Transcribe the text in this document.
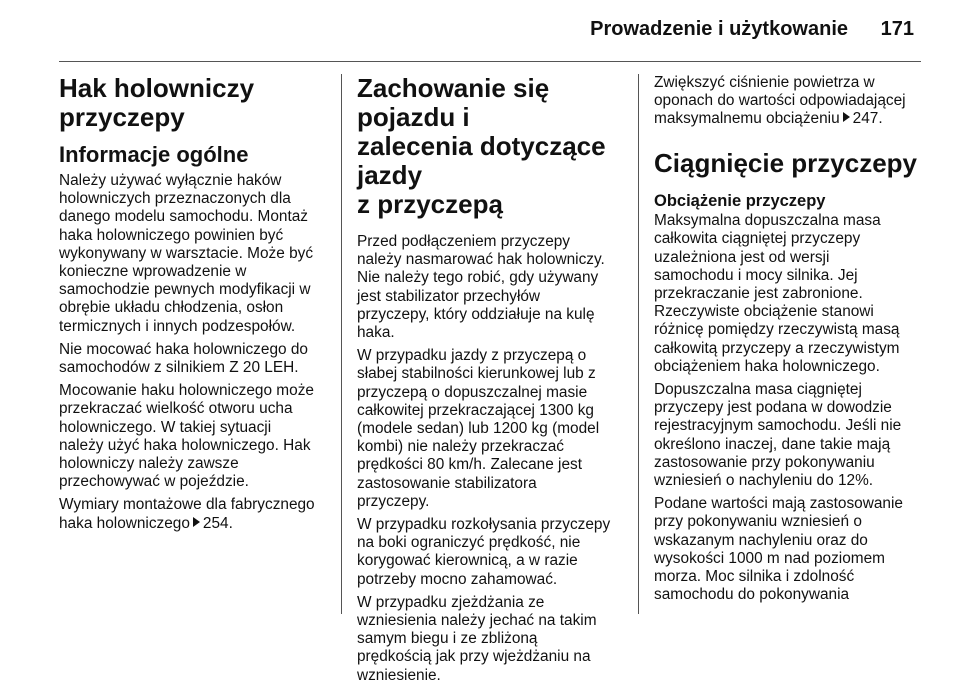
Prowadzenie i użytkowanie 171
Hak holowniczy
przyczepy
Informacje ogólne

Należy używać wyłącznie haków
holowniczych przeznaczonych dla
danego modelu samochodu. Montaż
haka holowniczego powinien być
wykonywany w warsztacie. Może być
konieczne wprowadzenie w
samochodzie pewnych modyfikacji w
obrębie układu chłodzenia, osłon
termicznych i innych podzespołów.

Nie mocować haka holowniczego do
samochodów z silnikiem Z 20 LEH.

Mocowanie haku holowniczego może
przekraczać wielkość otworu ucha
holowniczego. W takiej sytuacji
należy użyć haka holowniczego. Hak
holowniczy należy zawsze
przechowywać w pojeździe.

Wymiary montażowe dla fabrycznego
haka holowniczego 254.

Zachowanie się pojazdu i
zalecenia dotyczące jazdy
z przyczepą

Przed podłączeniem przyczepy
należy nasmarować hak holowniczy.
Nie należy tego robić, gdy używany
jest stabilizator przechyłów
przyczepy, który oddziałuje na kulę
haka.

W przypadku jazdy z przyczepą o
słabej stabilności kierunkowej lub z
przyczepą o dopuszczalnej masie
całkowitej przekraczającej 1300 kg
(modele sedan) lub 1200 kg (model
kombi) nie należy przekraczać
prędkości 80 km/h. Zalecane jest
zastosowanie stabilizatora
przyczepy.

W przypadku rozkołysania przyczepy
na boki ograniczyć prędkość, nie
korygować kierownicą, a w razie
potrzeby mocno zahamować.

W przypadku zjeżdżania ze
wzniesienia należy jechać na takim
samym biegu i ze zbliżoną
prędkością jak przy wjeżdżaniu na
wzniesienie.

Zwiększyć ciśnienie powietrza w
oponach do wartości odpowiadającej
maksymalnemu obciążeniu 247.

Ciągnięcie przyczepy
Obciążenie przyczepy

Maksymalna dopuszczalna masa
całkowita ciągniętej przyczepy
uzależniona jest od wersji
samochodu i mocy silnika. Jej
przekraczanie jest zabronione.
Rzeczywiste obciążenie stanowi
różnicę pomiędzy rzeczywistą masą
całkowitą przyczepy a rzeczywistym
obciążeniem haka holowniczego.

Dopuszczalna masa ciągniętej
przyczepy jest podana w dowodzie
rejestracyjnym samochodu. Jeśli nie
określono inaczej, dane takie mają
zastosowanie przy pokonywaniu
wzniesień o nachyleniu do 12%.

Podane wartości mają zastosowanie
przy pokonywaniu wzniesień o
wskazanym nachyleniu oraz do
wysokości 1000 m nad poziomem
morza. Moc silnika i zdolność
samochodu do pokonywania
